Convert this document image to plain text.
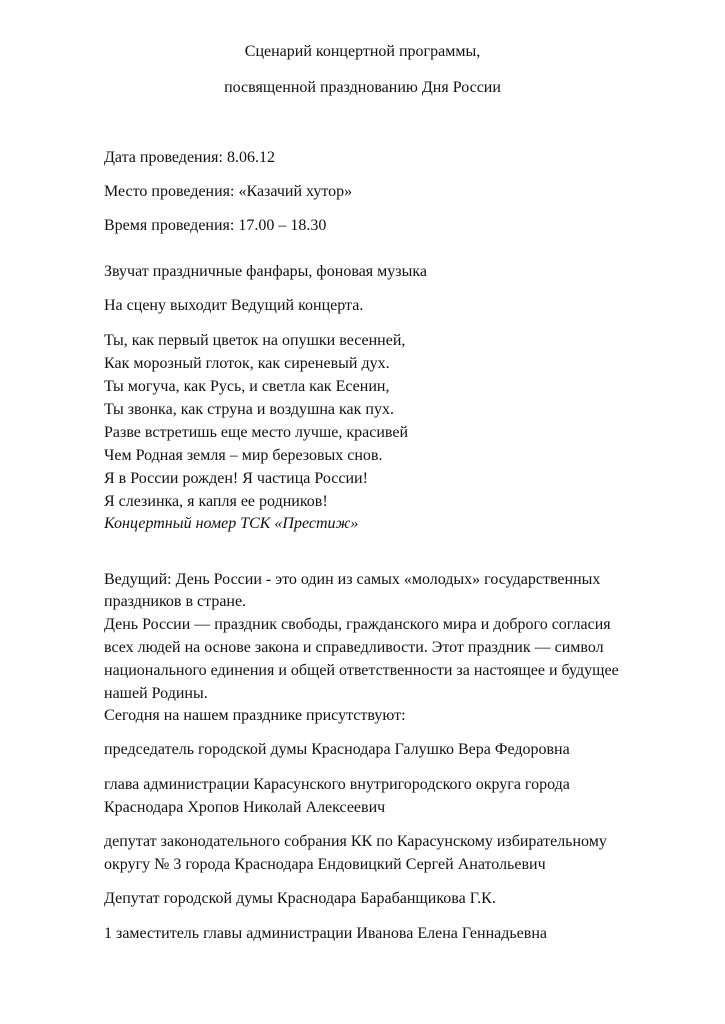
Сценарий концертной программы,
посвященной празднованию Дня России
Дата проведения: 8.06.12
Место проведения: «Казачий хутор»
Время проведения: 17.00 – 18.30
Звучат праздничные фанфары, фоновая музыка
На сцену выходит Ведущий концерта.
Ты, как первый цветок на опушки весенней,
Как морозный глоток, как сиреневый дух.
Ты могуча, как Русь, и светла как Есенин,
Ты звонка, как струна и воздушна как пух.
Разве встретишь еще место лучше, красивей
Чем Родная земля – мир березовых снов.
Я в России рожден! Я частица России!
Я слезинка, я капля ее родников!
Концертный номер ТСК «Престиж»
Ведущий: День России - это один из самых «молодых» государственных
праздников в стране.
День России — праздник свободы, гражданского мира и доброго согласия
всех людей на основе закона и справедливости. Этот праздник — символ
национального единения и общей ответственности за настоящее и будущее
нашей Родины.
Сегодня на нашем празднике присутствуют:
председатель городской думы Краснодара Галушко Вера Федоровна
глава администрации Карасунского внутригородского округа города
Краснодара Хропов Николай Алексеевич
депутат законодательного собрания КК по Карасунскому избирательному
округу № 3 города Краснодара Ендовицкий Сергей Анатольевич
Депутат городской думы Краснодара Барабанщикова Г.К.
1 заместитель главы администрации Иванова Елена Геннадьевна
